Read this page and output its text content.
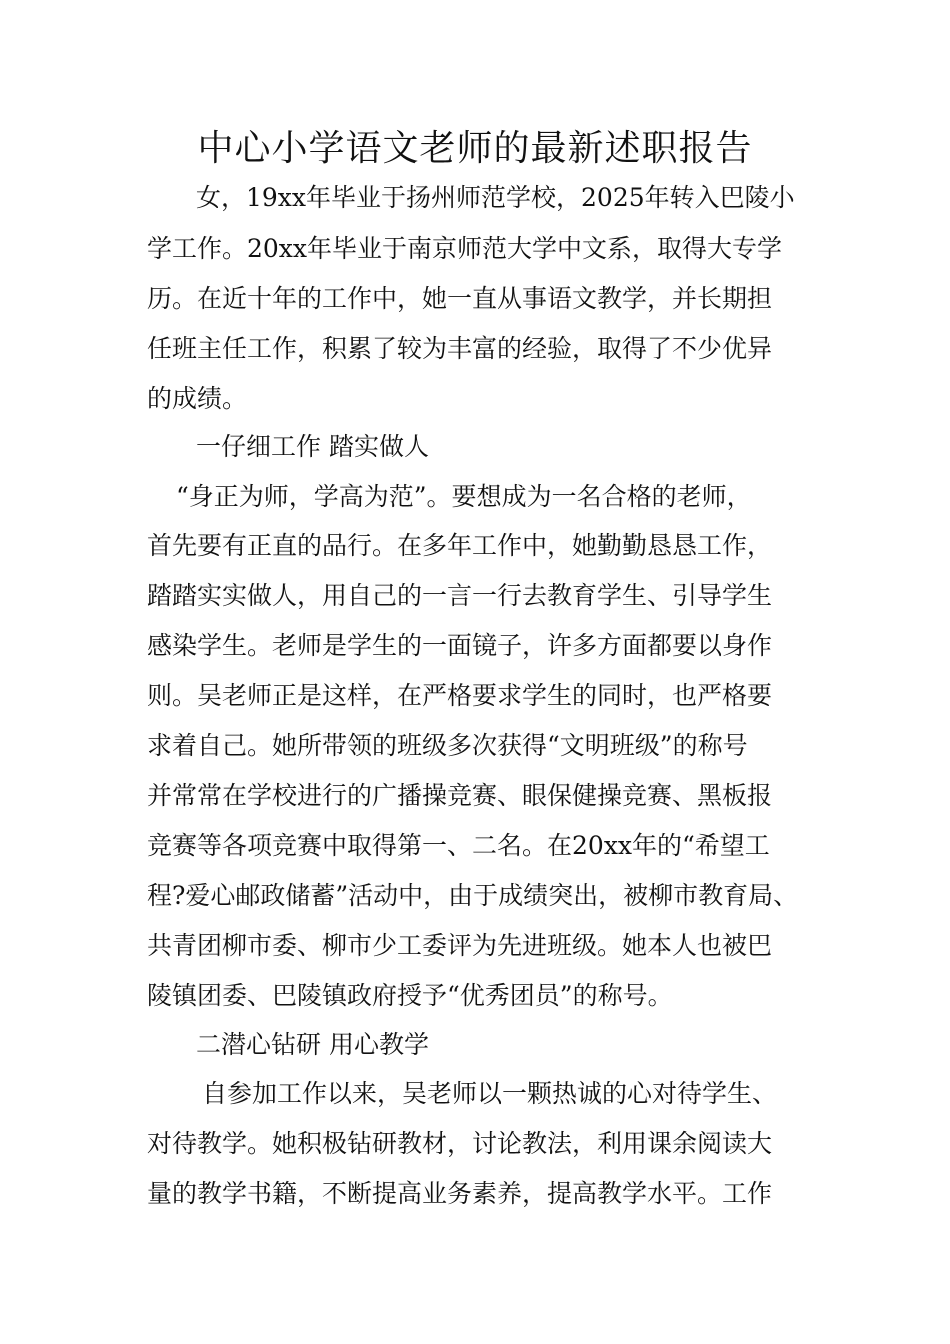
中心小学语文老师的最新述职报告

女，19xx年毕业于扬州师范学校，2025年转入巴陵小

学工作。20xx年毕业于南京师范大学中文系，取得大专学

历。在近十年的工作中，她一直从事语文教学，并长期担

任班主任工作，积累了较为丰富的经验，取得了不少优异

的成绩。

一仔细工作 踏实做人

“身正为师，学高为范”。要想成为一名合格的老师，

首先要有正直的品行。在多年工作中，她勤勤恳恳工作，

踏踏实实做人，用自己的一言一行去教育学生、引导学生

感染学生。老师是学生的一面镜子，许多方面都要以身作

则。吴老师正是这样，在严格要求学生的同时，也严格要

求着自己。她所带领的班级多次获得“文明班级”的称号

并常常在学校进行的广播操竞赛、眼保健操竞赛、黑板报

竞赛等各项竞赛中取得第一、二名。在20xx年的“希望工

程?爱心邮政储蓄”活动中，由于成绩突出，被柳市教育局、

共青团柳市委、柳市少工委评为先进班级。她本人也被巴

陵镇团委、巴陵镇政府授予“优秀团员”的称号。

二潜心钻研 用心教学

自参加工作以来，吴老师以一颗热诚的心对待学生、

对待教学。她积极钻研教材，讨论教法，利用课余阅读大

量的教学书籍，不断提高业务素养，提高教学水平。工作
